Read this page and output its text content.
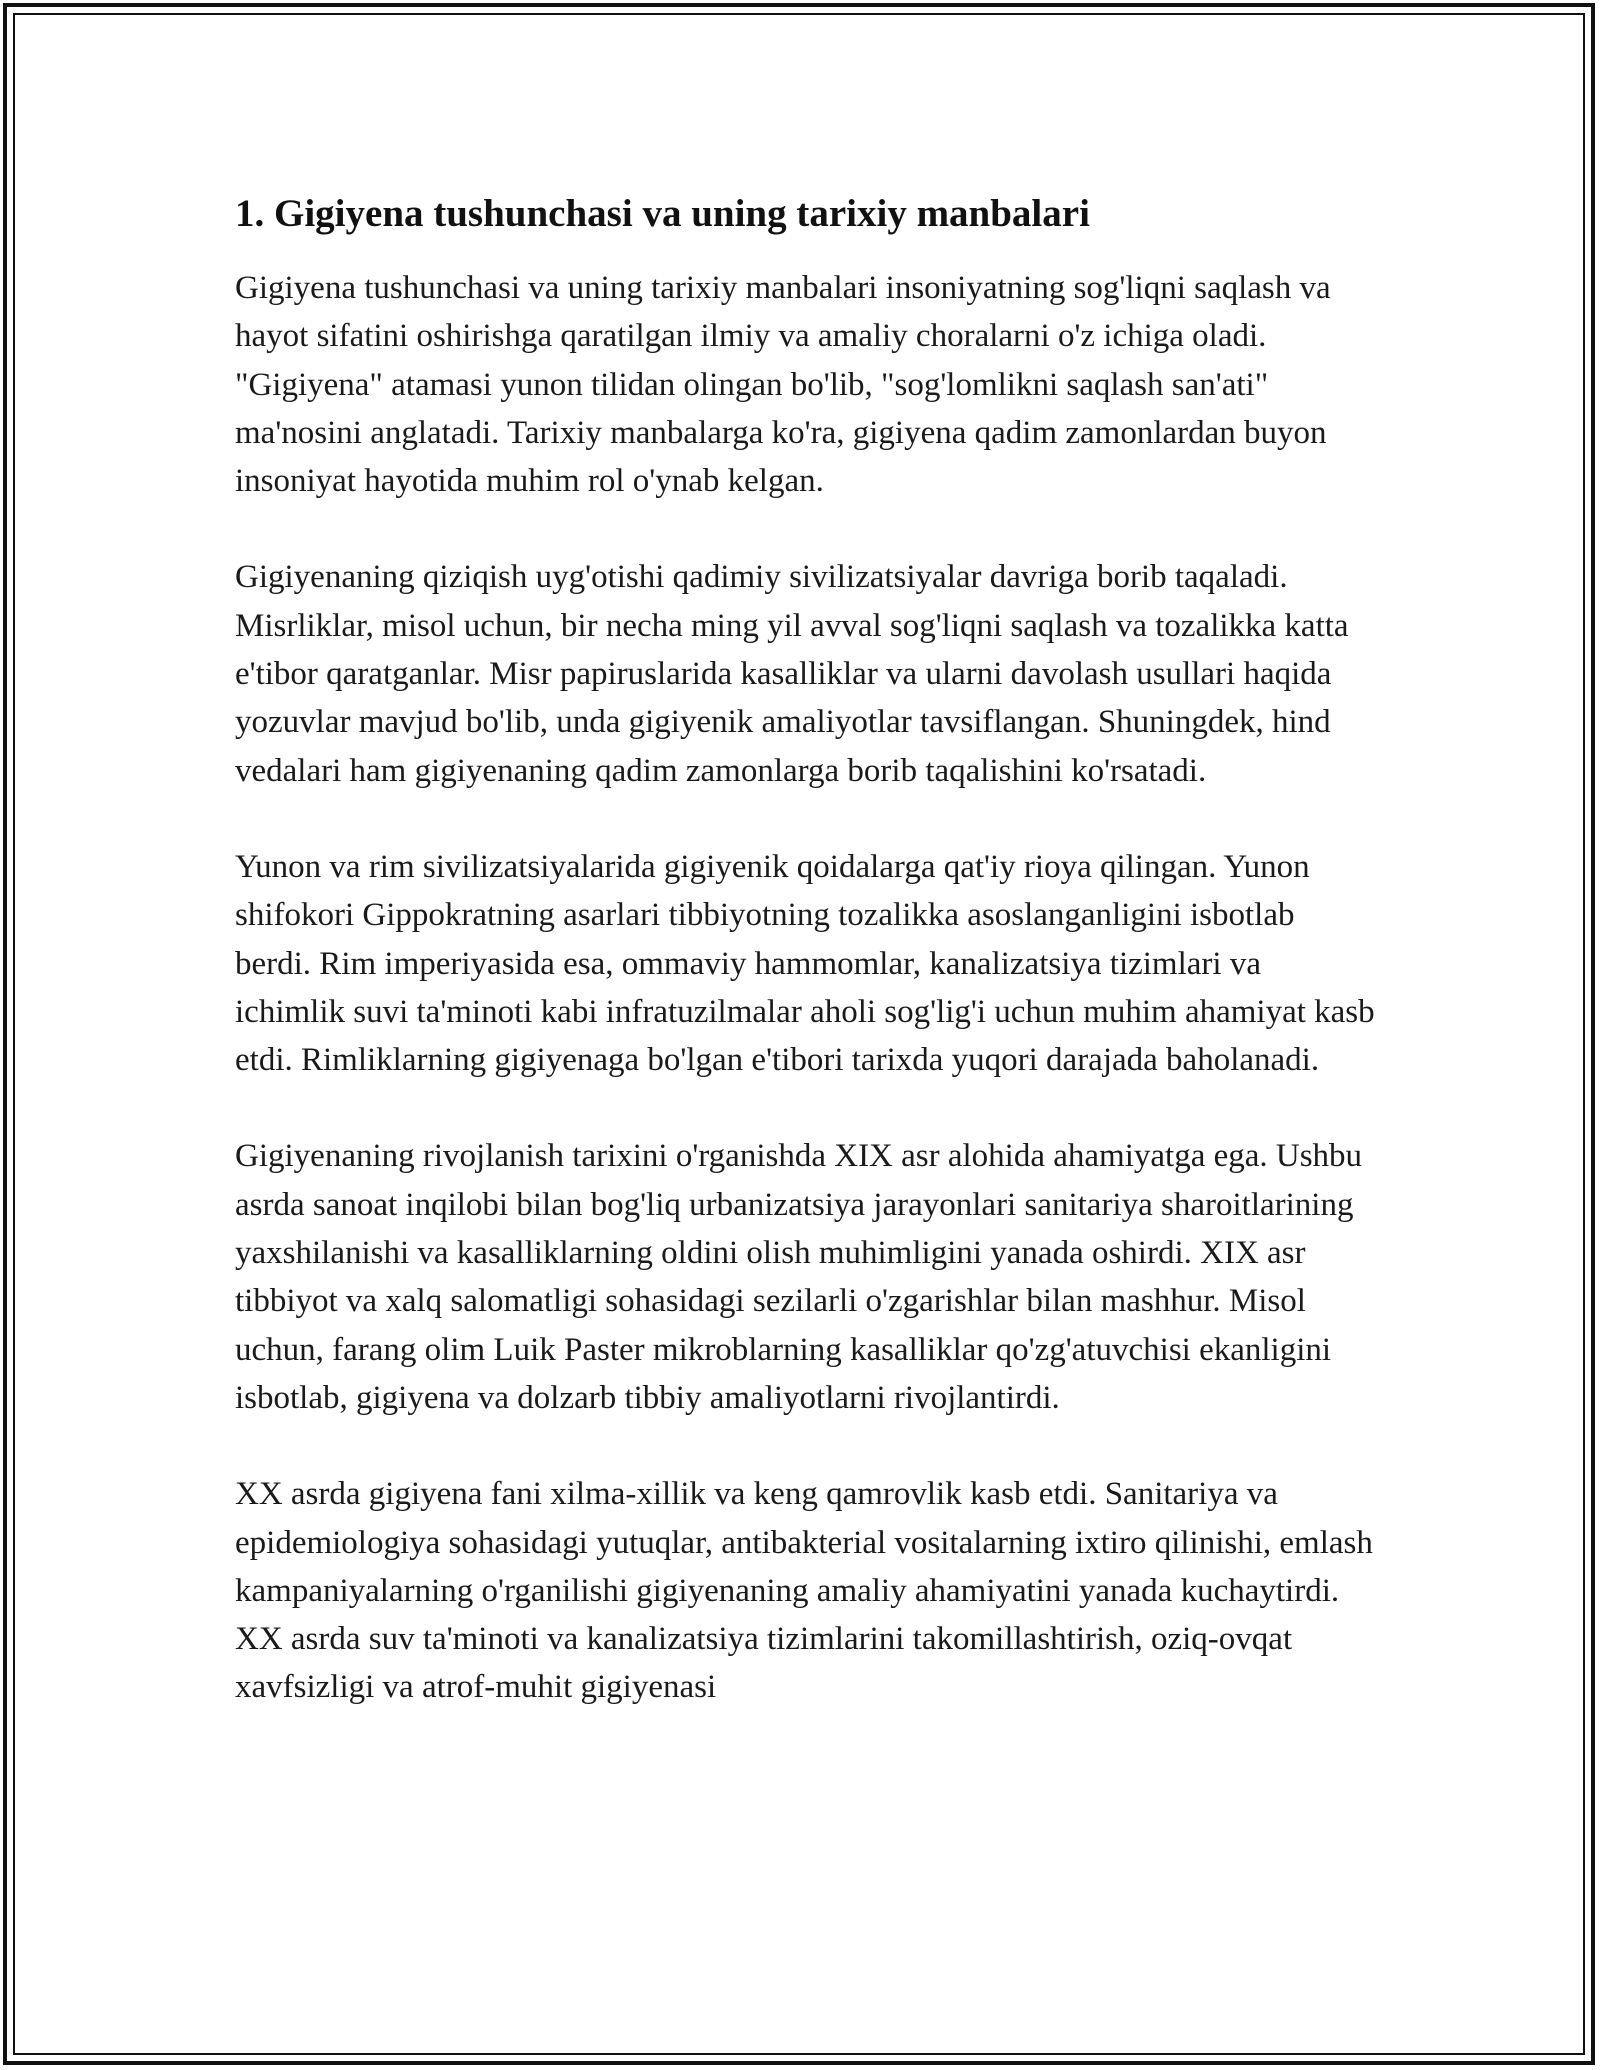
1. Gigiyena tushunchasi va uning tarixiy manbalari

Gigiyena tushunchasi va uning tarixiy manbalari insoniyatning sog'liqni saqlash va hayot sifatini oshirishga qaratilgan ilmiy va amaliy choralarni o'z ichiga oladi. "Gigiyena" atamasi yunon tilidan olingan bo'lib, "sog'lomlikni saqlash san'ati" ma'nosini anglatadi. Tarixiy manbalarga ko'ra, gigiyena qadim zamonlardan buyon insoniyat hayotida muhim rol o'ynab kelgan.

Gigiyenaning qiziqish uyg'otishi qadimiy sivilizatsiyalar davriga borib taqaladi. Misrliklar, misol uchun, bir necha ming yil avval sog'liqni saqlash va tozalikka katta e'tibor qaratganlar. Misr papiruslarida kasalliklar va ularni davolash usullari haqida yozuvlar mavjud bo'lib, unda gigiyenik amaliyotlar tavsiflangan. Shuningdek, hind vedalari ham gigiyenaning qadim zamonlarga borib taqalishini ko'rsatadi.

Yunon va rim sivilizatsiyalarida gigiyenik qoidalarga qat'iy rioya qilingan. Yunon shifokori Gippokratning asarlari tibbiyotning tozalikka asoslanganligini isbotlab berdi. Rim imperiyasida esa, ommaviy hammomlar, kanalizatsiya tizimlari va ichimlik suvi ta'minoti kabi infratuzilmalar aholi sog'lig'i uchun muhim ahamiyat kasb etdi. Rimliklarning gigiyenaga bo'lgan e'tibori tarixda yuqori darajada baholanadi.

Gigiyenaning rivojlanish tarixini o'rganishda XIX asr alohida ahamiyatga ega. Ushbu asrda sanoat inqilobi bilan bog'liq urbanizatsiya jarayonlari sanitariya sharoitlarining yaxshilanishi va kasalliklarning oldini olish muhimligini yanada oshirdi. XIX asr tibbiyot va xalq salomatligi sohasidagi sezilarli o'zgarishlar bilan mashhur. Misol uchun, farang olim Luik Paster mikroblarning kasalliklar qo'zg'atuvchisi ekanligini isbotlab, gigiyena va dolzarb tibbiy amaliyotlarni rivojlantirdi.

XX asrda gigiyena fani xilma-xillik va keng qamrovlik kasb etdi. Sanitariya va epidemiologiya sohasidagi yutuqlar, antibakterial vositalarning ixtiro qilinishi, emlash kampaniyalarning o'rganilishi gigiyenaning amaliy ahamiyatini yanada kuchaytirdi. XX asrda suv ta'minoti va kanalizatsiya tizimlarini takomillashtirish, oziq-ovqat xavfsizligi va atrof-muhit gigiyenasi
